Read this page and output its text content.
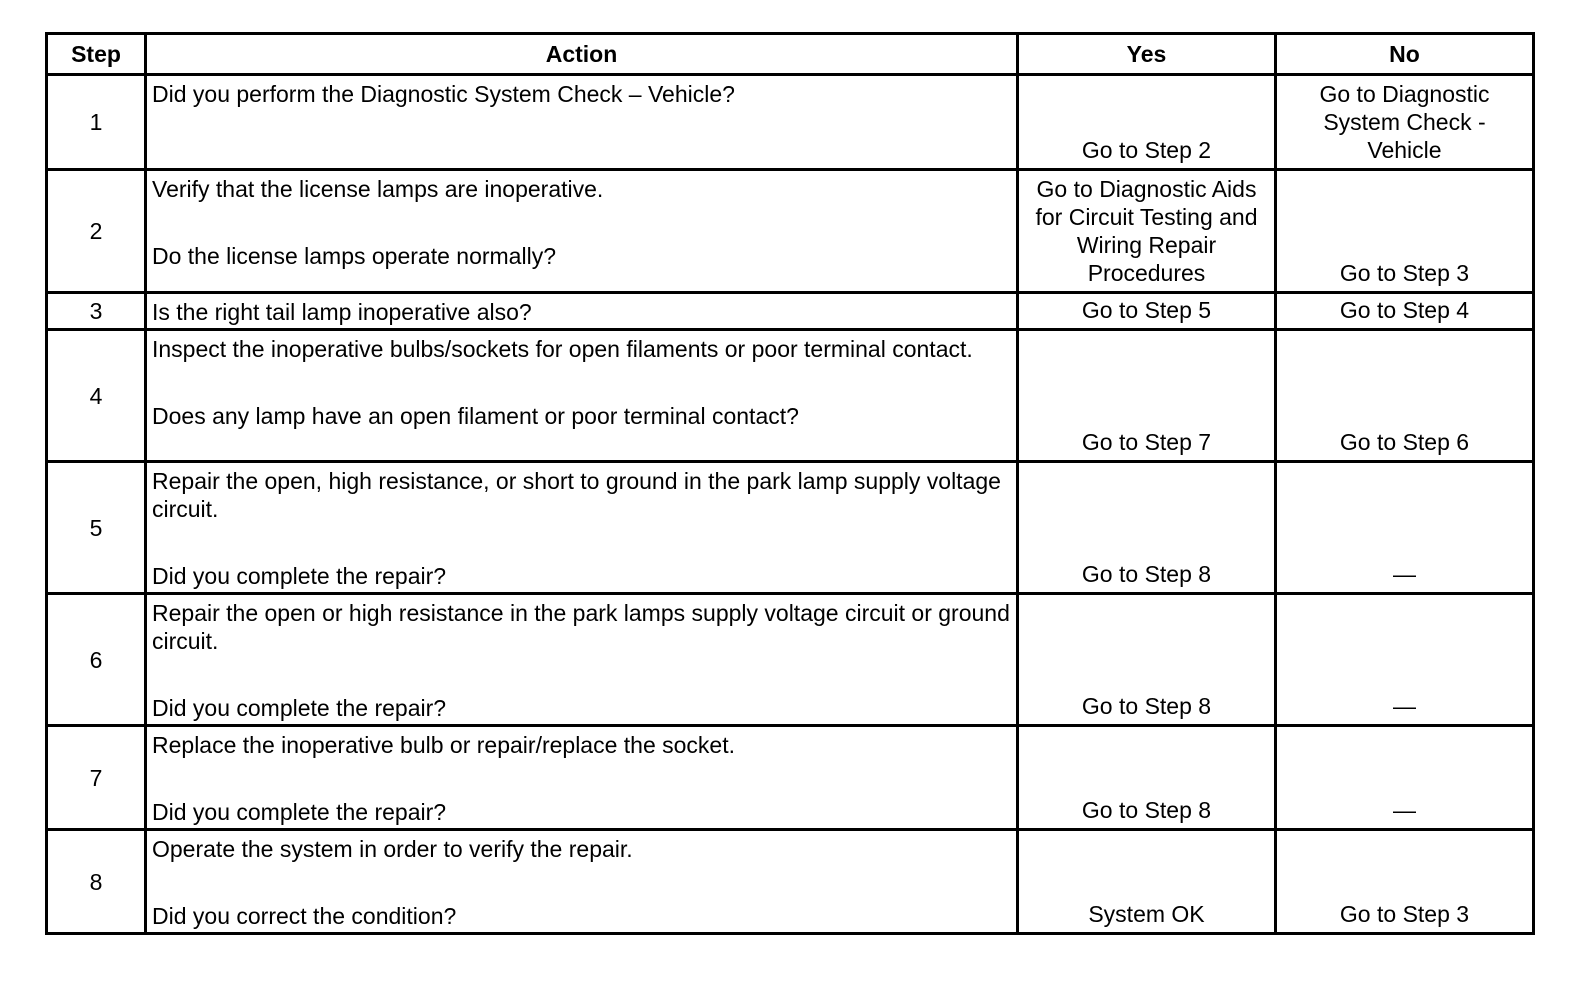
Step	Action	Yes	No
1	Did you perform the Diagnostic System Check – Vehicle?	Go to Step 2	Go to Diagnostic System Check - Vehicle

2	Verify that the license lamps are inoperative.
Do the license lamps operate normally?	Go to Diagnostic Aids for Circuit Testing and Wiring Repair Procedures	Go to Step 3
3	Is the right tail lamp inoperative also?	Go to Step 5	Go to Step 4
4	Inspect the inoperative bulbs/sockets for open filaments or poor terminal contact.
Does any lamp have an open filament or poor terminal contact?	Go to Step 7	Go to Step 6
5	Repair the open, high resistance, or short to ground in the park lamp supply voltage circuit.
Did you complete the repair?	Go to Step 8	—
6	Repair the open or high resistance in the park lamps supply voltage circuit or ground circuit.
Did you complete the repair?	Go to Step 8	—
7	Replace the inoperative bulb or repair/replace the socket.
Did you complete the repair?	Go to Step 8	—
8	Operate the system in order to verify the repair.
Did you correct the condition?	System OK	Go to Step 3
